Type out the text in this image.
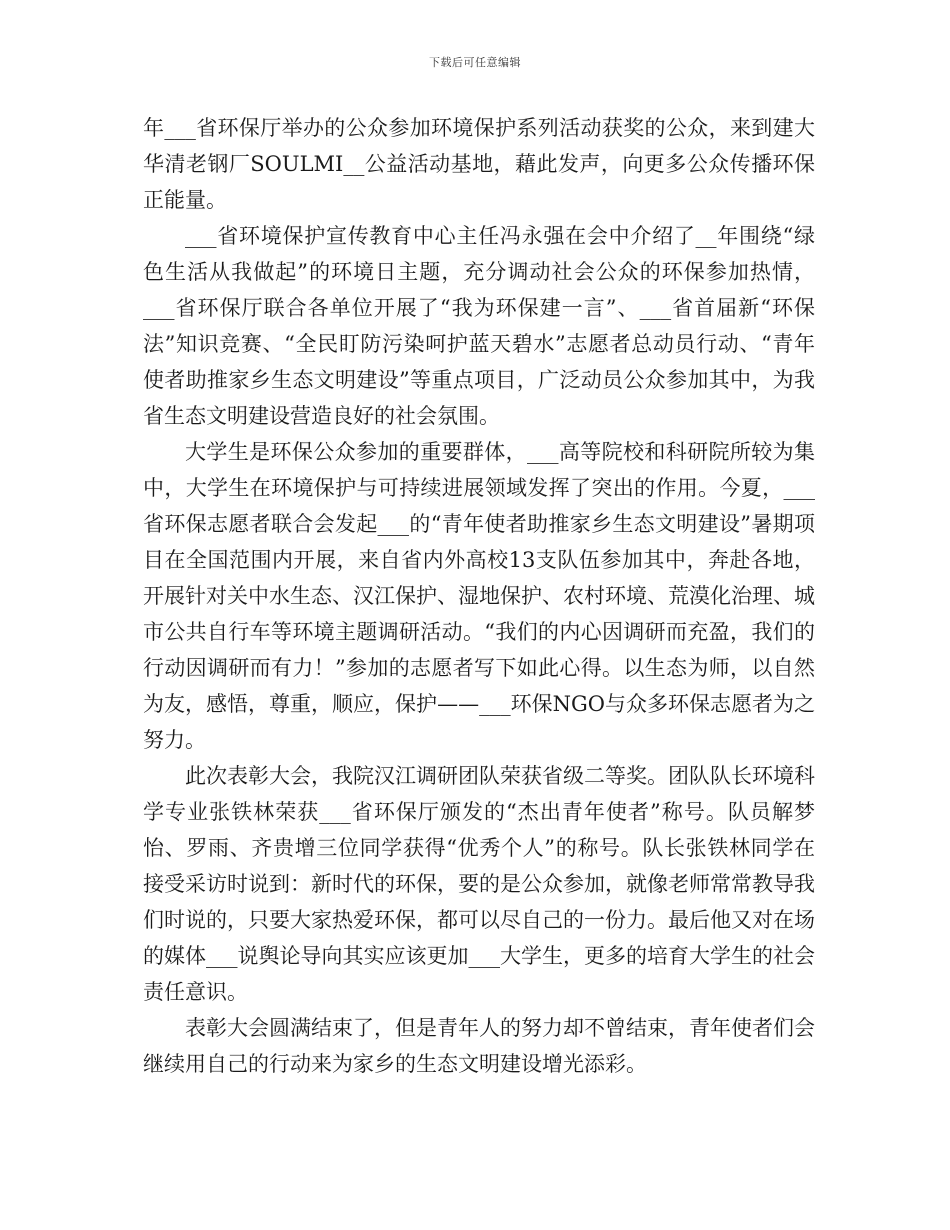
下载后可任意编辑

年___省环保厅举办的公众参加环境保护系列活动获奖的公众，来到建大华清老钢厂SOULMI__公益活动基地，藉此发声，向更多公众传播环保正能量。

___省环境保护宣传教育中心主任冯永强在会中介绍了__年围绕“绿色生活从我做起”的环境日主题，充分调动社会公众的环保参加热情，___省环保厅联合各单位开展了“我为环保建一言”、___省首届新“环保法”知识竞赛、“全民盯防污染呵护蓝天碧水”志愿者总动员行动、“青年使者助推家乡生态文明建设”等重点项目，广泛动员公众参加其中，为我省生态文明建设营造良好的社会氛围。

大学生是环保公众参加的重要群体，___高等院校和科研院所较为集中，大学生在环境保护与可持续进展领域发挥了突出的作用。今夏，___省环保志愿者联合会发起___的“青年使者助推家乡生态文明建设”暑期项目在全国范围内开展，来自省内外高校13支队伍参加其中，奔赴各地，开展针对关中水生态、汉江保护、湿地保护、农村环境、荒漠化治理、城市公共自行车等环境主题调研活动。“我们的内心因调研而充盈，我们的行动因调研而有力！”参加的志愿者写下如此心得。以生态为师，以自然为友，感悟，尊重，顺应，保护——___环保NGO与众多环保志愿者为之努力。

此次表彰大会，我院汉江调研团队荣获省级二等奖。团队队长环境科学专业张铁林荣获___省环保厅颁发的“杰出青年使者”称号。队员解梦怡、罗雨、齐贵增三位同学获得“优秀个人”的称号。队长张铁林同学在接受采访时说到：新时代的环保，要的是公众参加，就像老师常常教导我们时说的，只要大家热爱环保，都可以尽自己的一份力。最后他又对在场的媒体___说舆论导向其实应该更加___大学生，更多的培育大学生的社会责任意识。

表彰大会圆满结束了，但是青年人的努力却不曾结束，青年使者们会继续用自己的行动来为家乡的生态文明建设增光添彩。
